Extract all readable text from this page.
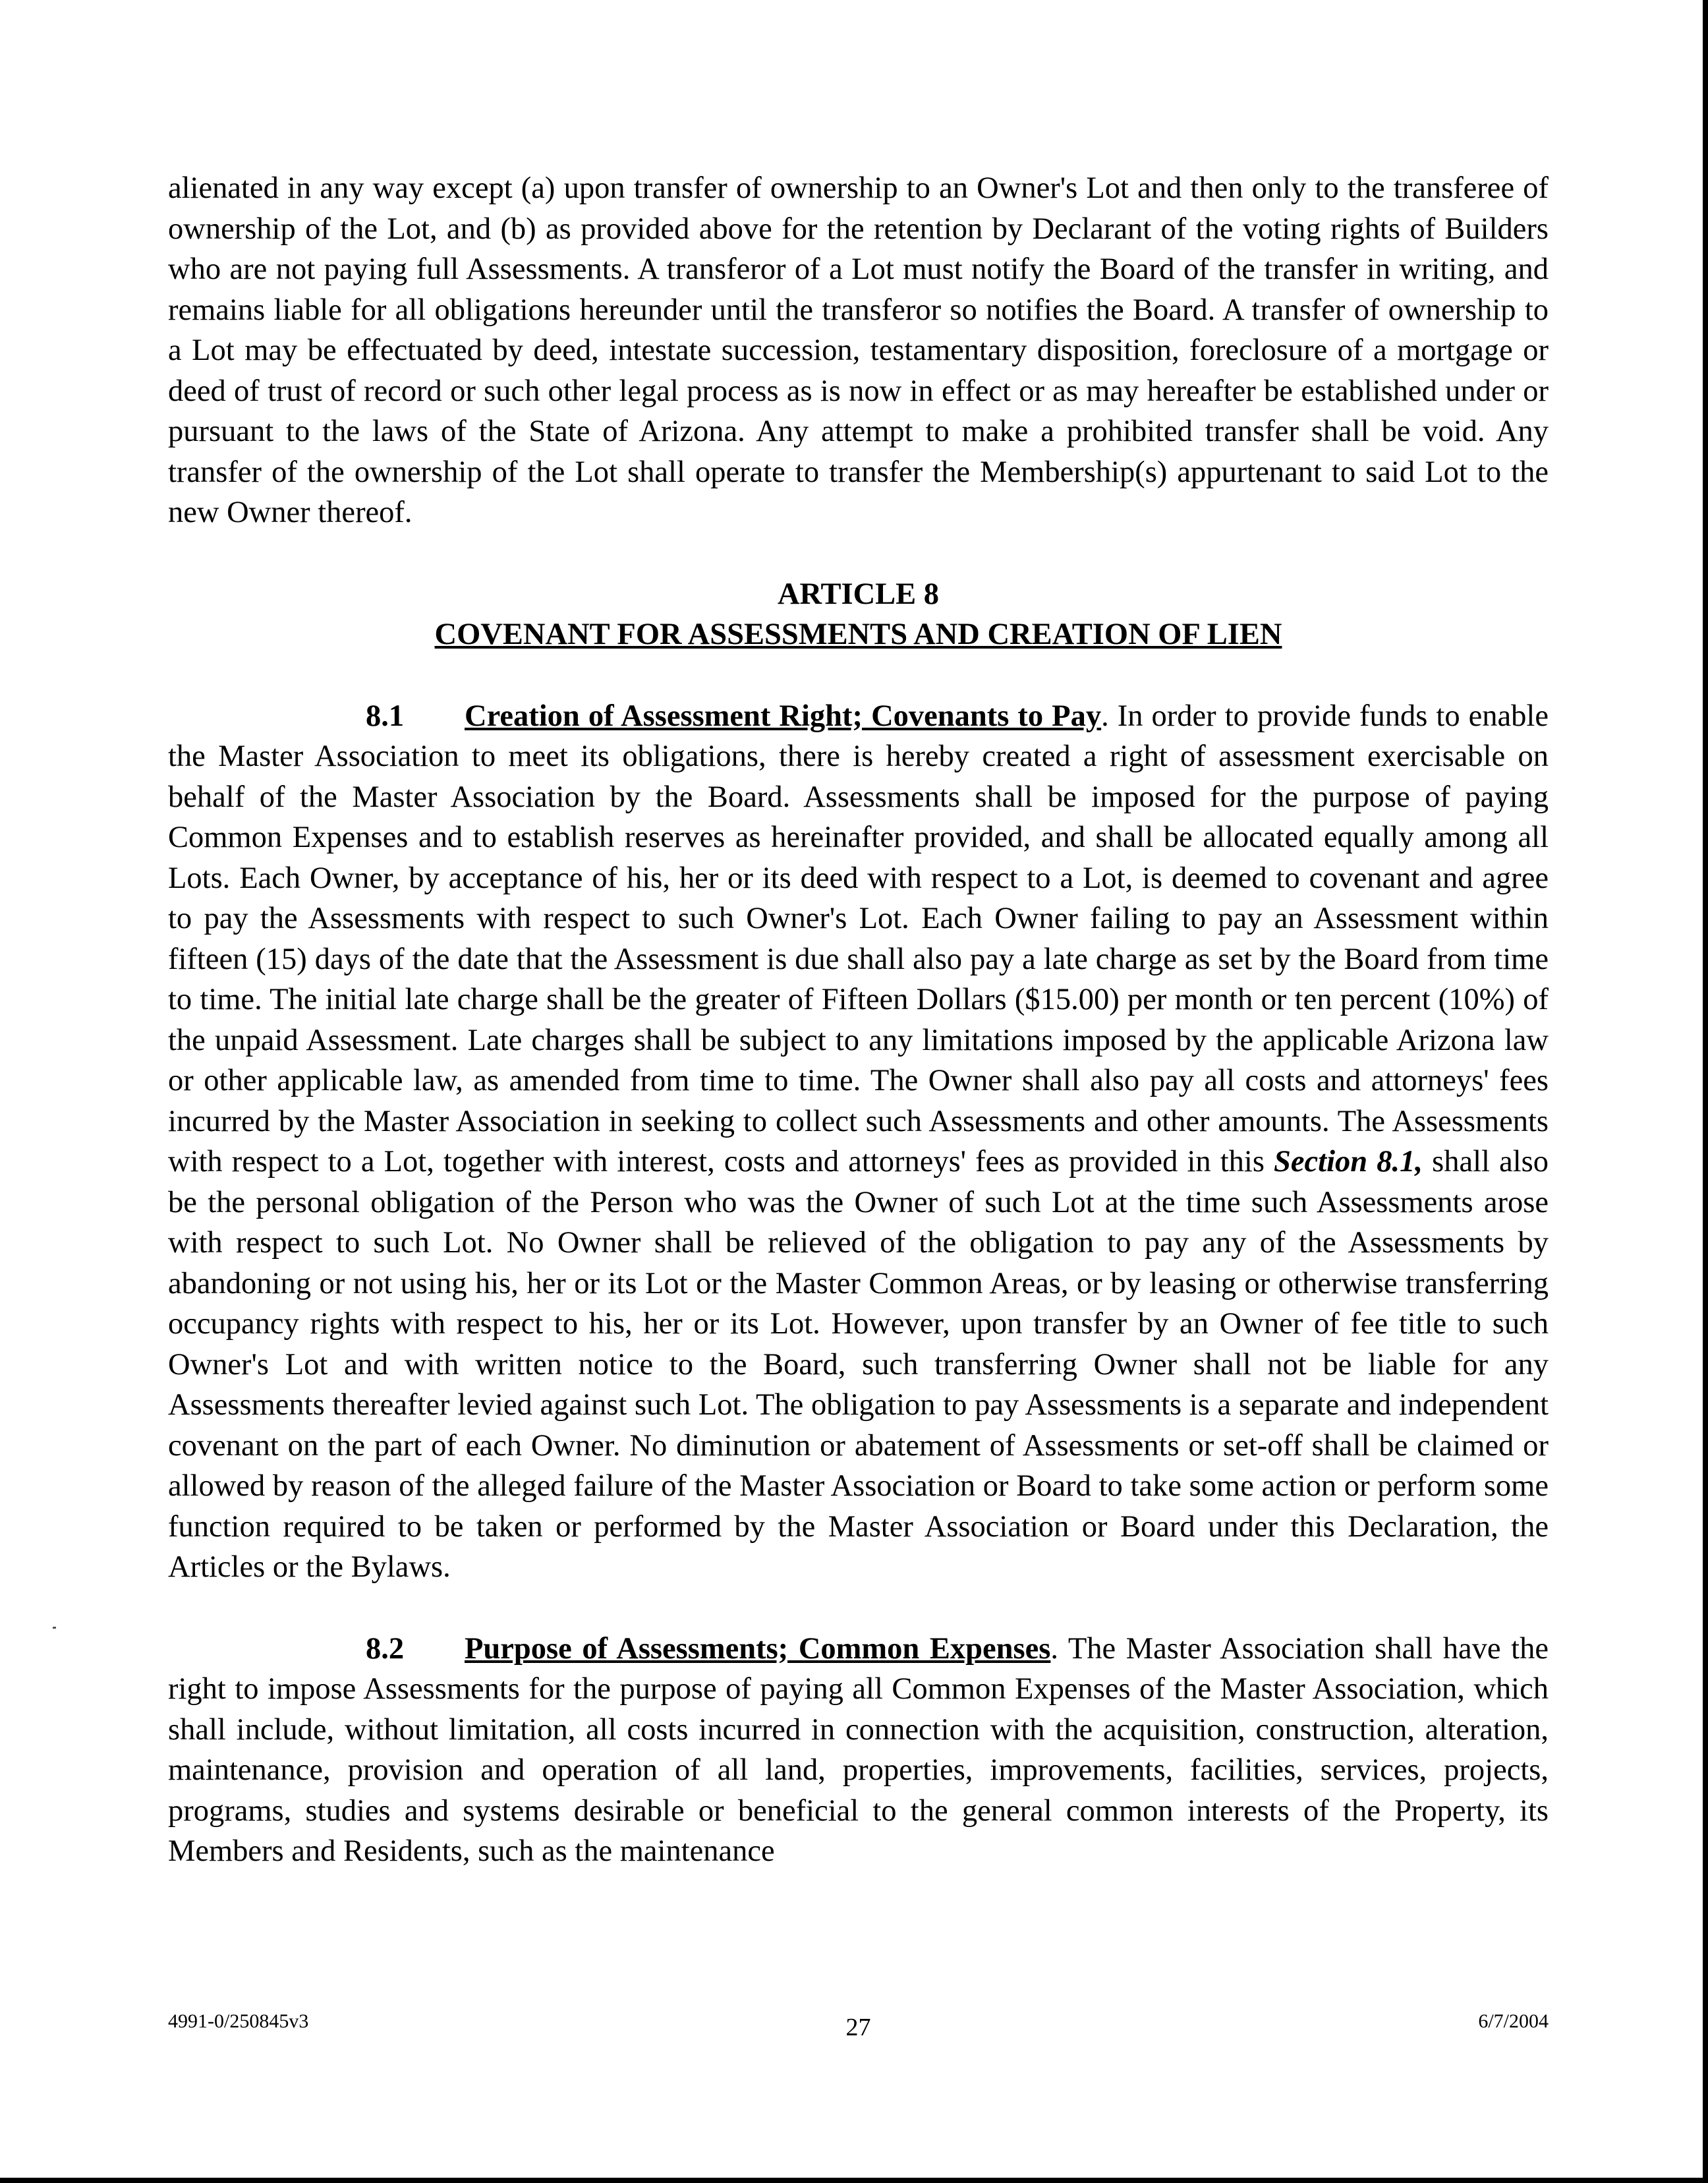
alienated in any way except (a) upon transfer of ownership to an Owner's Lot and then only to the transferee of ownership of the Lot, and (b) as provided above for the retention by Declarant of the voting rights of Builders who are not paying full Assessments. A transferor of a Lot must notify the Board of the transfer in writing, and remains liable for all obligations hereunder until the transferor so notifies the Board. A transfer of ownership to a Lot may be effectuated by deed, intestate succession, testamentary disposition, foreclosure of a mortgage or deed of trust of record or such other legal process as is now in effect or as may hereafter be established under or pursuant to the laws of the State of Arizona. Any attempt to make a prohibited transfer shall be void. Any transfer of the ownership of the Lot shall operate to transfer the Membership(s) appurtenant to said Lot to the new Owner thereof.

ARTICLE 8
COVENANT FOR ASSESSMENTS AND CREATION OF LIEN

8.1 Creation of Assessment Right; Covenants to Pay. In order to provide funds to enable the Master Association to meet its obligations, there is hereby created a right of assessment exercisable on behalf of the Master Association by the Board. Assessments shall be imposed for the purpose of paying Common Expenses and to establish reserves as hereinafter provided, and shall be allocated equally among all Lots. Each Owner, by acceptance of his, her or its deed with respect to a Lot, is deemed to covenant and agree to pay the Assessments with respect to such Owner's Lot. Each Owner failing to pay an Assessment within fifteen (15) days of the date that the Assessment is due shall also pay a late charge as set by the Board from time to time. The initial late charge shall be the greater of Fifteen Dollars ($15.00) per month or ten percent (10%) of the unpaid Assessment. Late charges shall be subject to any limitations imposed by the applicable Arizona law or other applicable law, as amended from time to time. The Owner shall also pay all costs and attorneys' fees incurred by the Master Association in seeking to collect such Assessments and other amounts. The Assessments with respect to a Lot, together with interest, costs and attorneys' fees as provided in this Section 8.1, shall also be the personal obligation of the Person who was the Owner of such Lot at the time such Assessments arose with respect to such Lot. No Owner shall be relieved of the obligation to pay any of the Assessments by abandoning or not using his, her or its Lot or the Master Common Areas, or by leasing or otherwise transferring occupancy rights with respect to his, her or its Lot. However, upon transfer by an Owner of fee title to such Owner's Lot and with written notice to the Board, such transferring Owner shall not be liable for any Assessments thereafter levied against such Lot. The obligation to pay Assessments is a separate and independent covenant on the part of each Owner. No diminution or abatement of Assessments or set-off shall be claimed or allowed by reason of the alleged failure of the Master Association or Board to take some action or perform some function required to be taken or performed by the Master Association or Board under this Declaration, the Articles or the Bylaws.

8.2 Purpose of Assessments; Common Expenses. The Master Association shall have the right to impose Assessments for the purpose of paying all Common Expenses of the Master Association, which shall include, without limitation, all costs incurred in connection with the acquisition, construction, alteration, maintenance, provision and operation of all land, properties, improvements, facilities, services, projects, programs, studies and systems desirable or beneficial to the general common interests of the Property, its Members and Residents, such as the maintenance

4991-0/250845v3	27	6/7/2004
